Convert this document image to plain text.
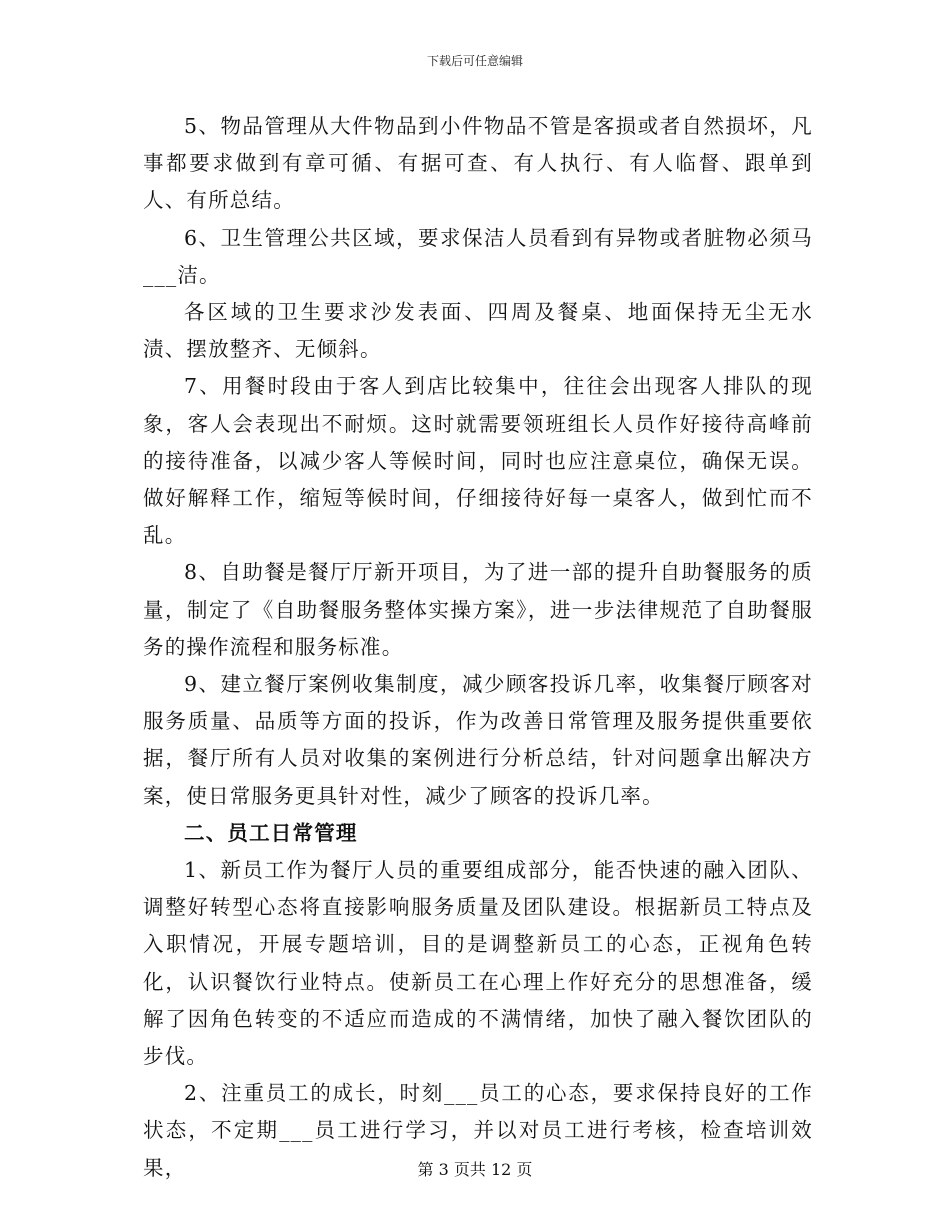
下载后可任意编辑

5、物品管理从大件物品到小件物品不管是客损或者自然损坏，凡事都要求做到有章可循、有据可查、有人执行、有人临督、跟单到人、有所总结。

6、卫生管理公共区域，要求保洁人员看到有异物或者脏物必须马___洁。

各区域的卫生要求沙发表面、四周及餐桌、地面保持无尘无水渍、摆放整齐、无倾斜。

7、用餐时段由于客人到店比较集中，往往会出现客人排队的现象，客人会表现出不耐烦。这时就需要领班组长人员作好接待高峰前的接待准备，以减少客人等候时间，同时也应注意桌位，确保无误。做好解释工作，缩短等候时间，仔细接待好每一桌客人，做到忙而不乱。

8、自助餐是餐厅厅新开项目，为了进一部的提升自助餐服务的质量，制定了《自助餐服务整体实操方案》，进一步法律规范了自助餐服务的操作流程和服务标准。

9、建立餐厅案例收集制度，减少顾客投诉几率，收集餐厅顾客对服务质量、品质等方面的投诉，作为改善日常管理及服务提供重要依据，餐厅所有人员对收集的案例进行分析总结，针对问题拿出解决方案，使日常服务更具针对性，减少了顾客的投诉几率。

二、员工日常管理

1、新员工作为餐厅人员的重要组成部分，能否快速的融入团队、调整好转型心态将直接影响服务质量及团队建设。根据新员工特点及入职情况，开展专题培训，目的是调整新员工的心态，正视角色转化，认识餐饮行业特点。使新员工在心理上作好充分的思想准备，缓解了因角色转变的不适应而造成的不满情绪，加快了融入餐饮团队的步伐。

2、注重员工的成长，时刻___员工的心态，要求保持良好的工作状态，不定期___员工进行学习，并以对员工进行考核，检查培训效果，	第 3 页共 12 页
